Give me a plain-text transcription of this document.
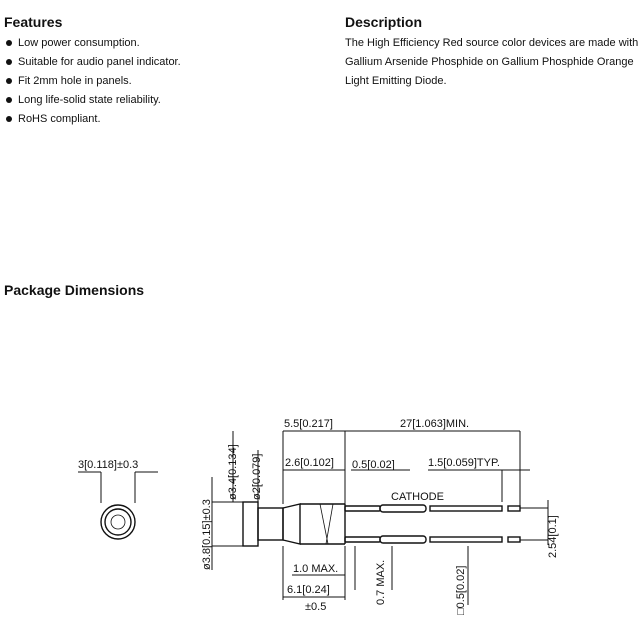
Features
Low power consumption.
Suitable for audio panel indicator.
Fit 2mm hole in panels.
Long life-solid state reliability.
RoHS compliant.
Description
The High Efficiency Red source color devices are made with
Gallium Arsenide Phosphide on Gallium Phosphide Orange
Light Emitting Diode.
Package Dimensions
3[0.118]±0.3
5.5[0.217]	27[1.063]MIN.
2.6[0.102] 0.5[0.02]	1.5[0.059]TYP.
CATHODE
ø3.4[0.134] ø2[0.079]
ø3.8[0.15]±0.3	1.0 MAX.
6.1[0.24]
±0.5
0.7 MAX.	□0.5[0.02]
2.54[0.1]
